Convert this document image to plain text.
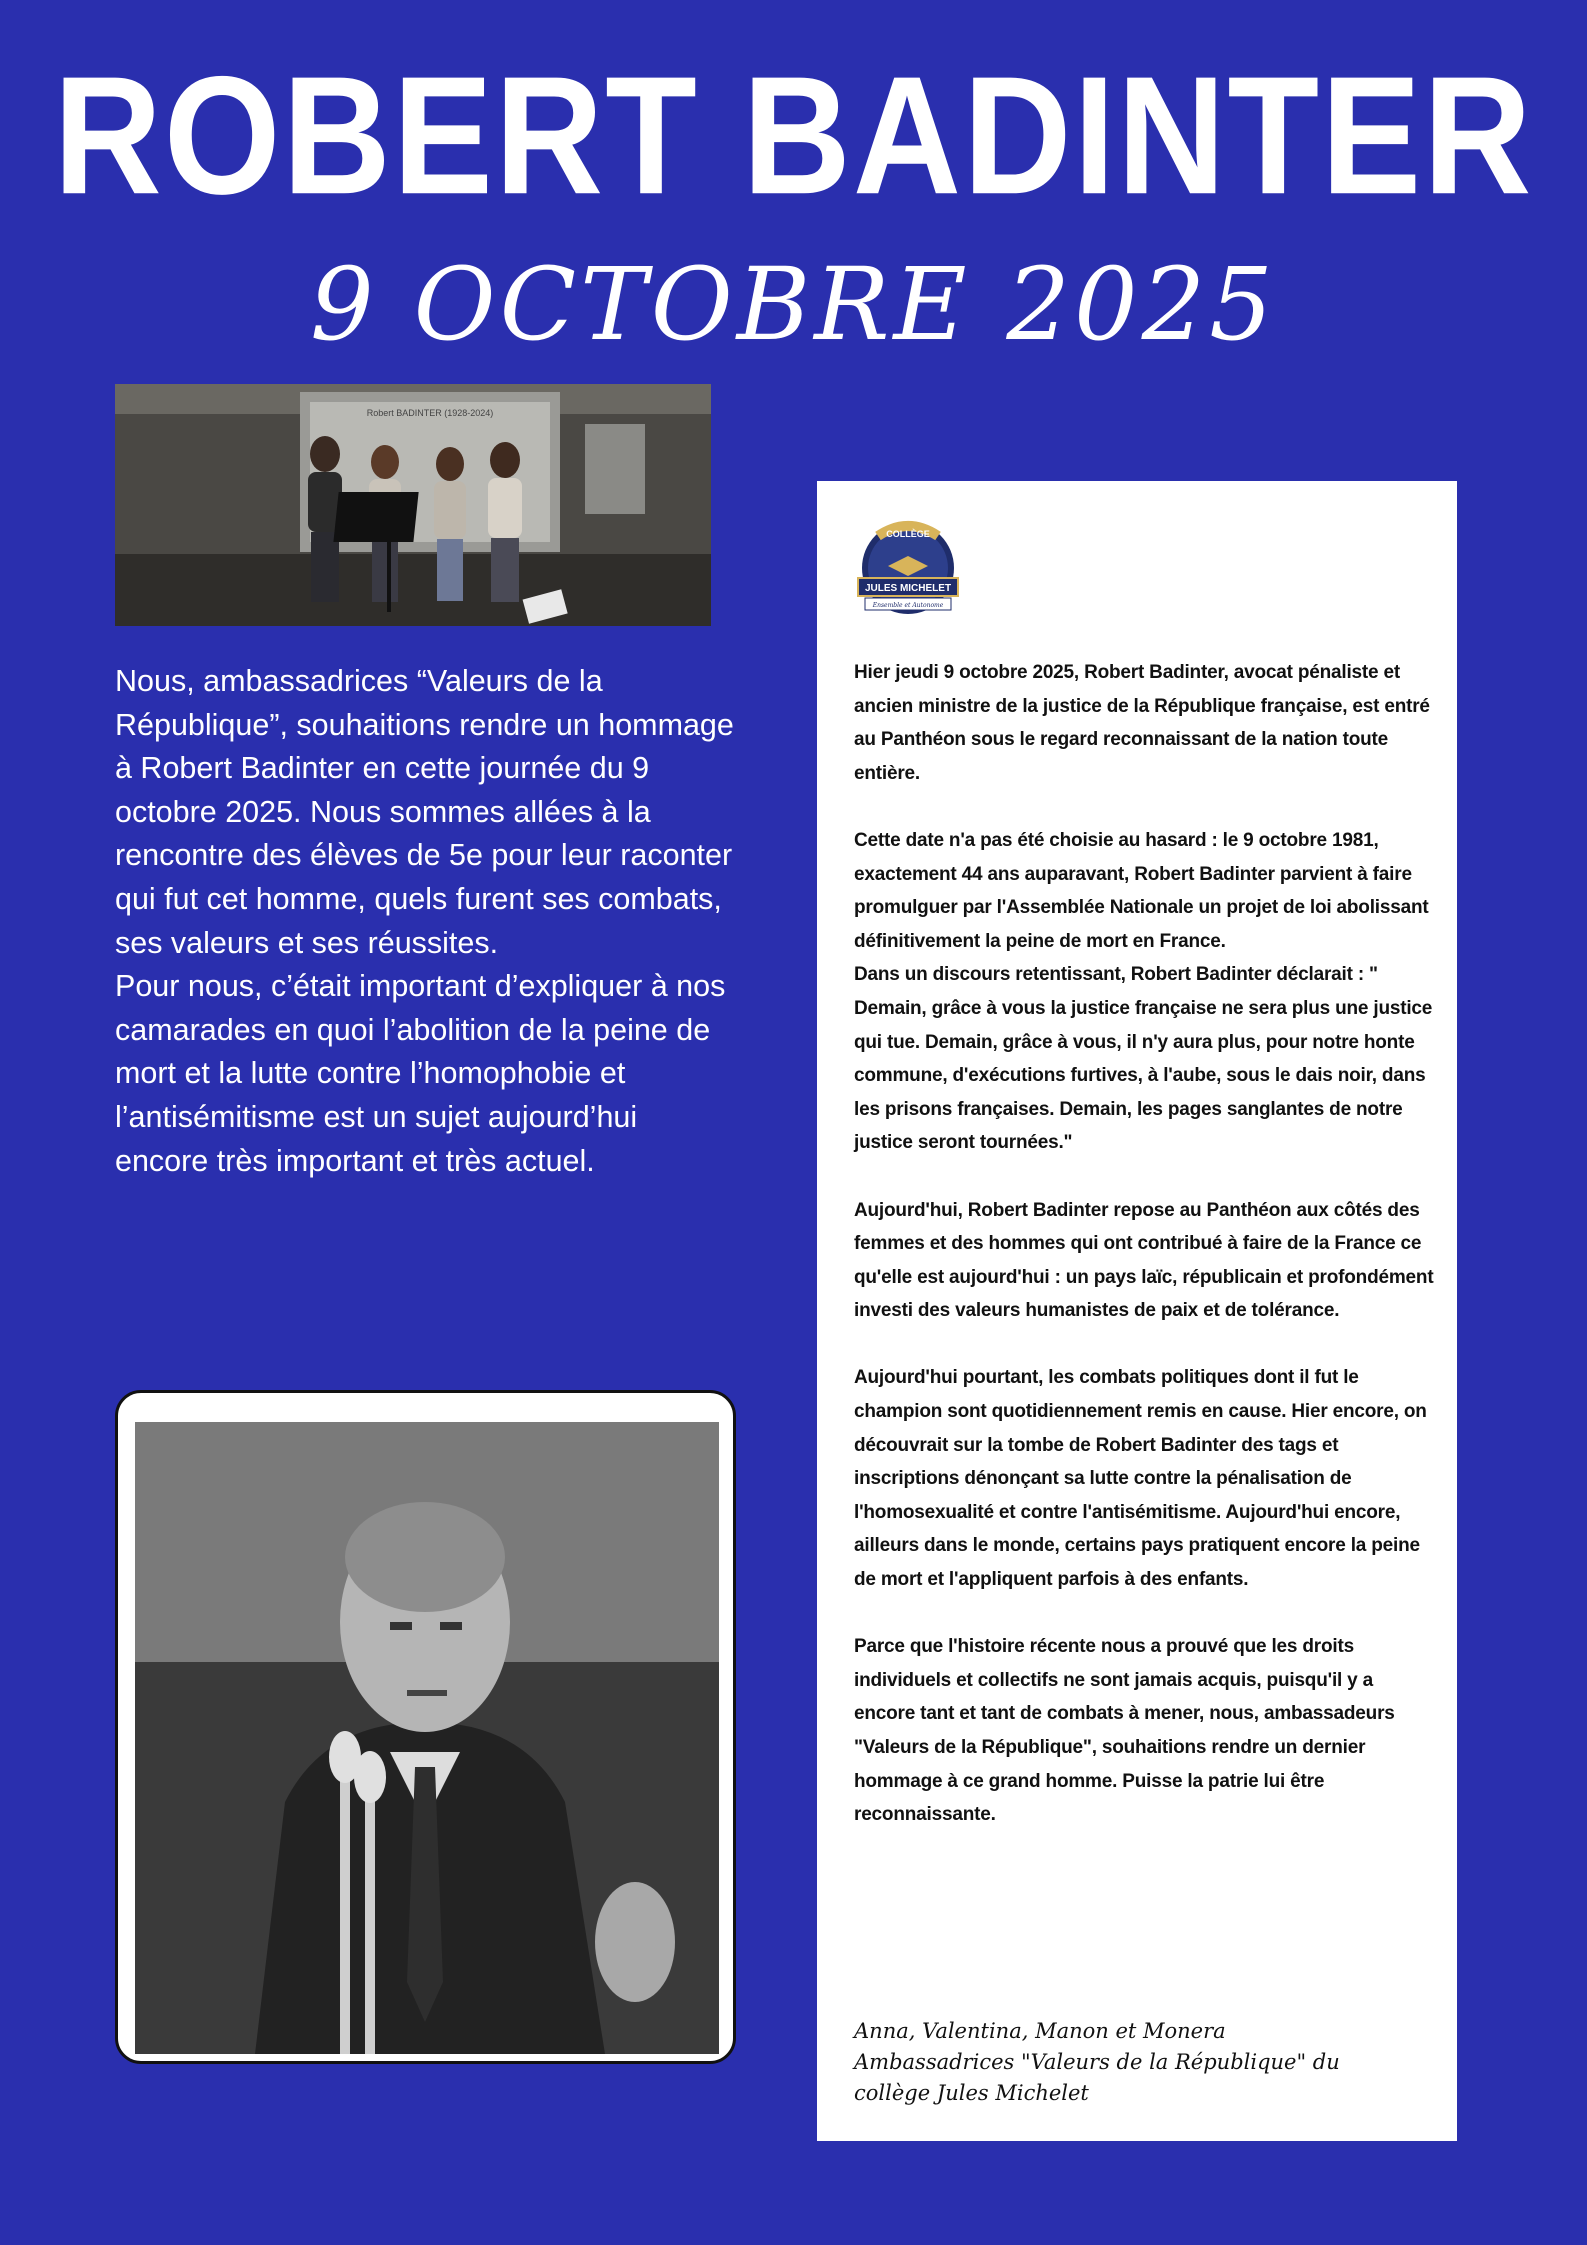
ROBERT BADINTER
9 OCTOBRE 2025
Robert BADINTER (1928-2024)

Nous, ambassadrices “Valeurs de la République”, souhaitions rendre un hommage à Robert Badinter en cette journée du 9 octobre 2025. Nous sommes allées à la rencontre des élèves de 5e pour leur raconter qui fut cet homme, quels furent ses combats, ses valeurs et ses réussites.

Pour nous, c’était important d’expliquer à nos camarades en quoi l’abolition de la peine de mort et la lutte contre l’homophobie et l’antisémitisme est un sujet aujourd’hui encore très important et très actuel.

COLLÈGE
JULES MICHELET
Ensemble et Autonome

Hier jeudi 9 octobre 2025, Robert Badinter, avocat pénaliste et ancien ministre de la justice de la République française, est entré au Panthéon sous le regard reconnaissant de la nation toute entière.

Cette date n'a pas été choisie au hasard : le 9 octobre 1981, exactement 44 ans auparavant, Robert Badinter parvient à faire promulguer par l'Assemblée Nationale un projet de loi abolissant définitivement la peine de mort en France.

Dans un discours retentissant, Robert Badinter déclarait : " Demain, grâce à vous la justice française ne sera plus une justice qui tue. Demain, grâce à vous, il n'y aura plus, pour notre honte commune, d'exécutions furtives, à l'aube, sous le dais noir, dans les prisons françaises. Demain, les pages sanglantes de notre justice seront tournées."

Aujourd'hui, Robert Badinter repose au Panthéon aux côtés des femmes et des hommes qui ont contribué à faire de la France ce qu'elle est aujourd'hui : un pays laïc, républicain et profondément investi des valeurs humanistes de paix et de tolérance.

Aujourd'hui pourtant, les combats politiques dont il fut le champion sont quotidiennement remis en cause. Hier encore, on découvrait sur la tombe de Robert Badinter des tags et inscriptions dénonçant sa lutte contre la pénalisation de l'homosexualité et contre l'antisémitisme. Aujourd'hui encore, ailleurs dans le monde, certains pays pratiquent encore la peine de mort et l'appliquent parfois à des enfants.

Parce que l'histoire récente nous a prouvé que les droits individuels et collectifs ne sont jamais acquis, puisqu'il y a encore tant et tant de combats à mener, nous, ambassadeurs "Valeurs de la République", souhaitions rendre un dernier hommage à ce grand homme. Puisse la patrie lui être reconnaissante.

Anna, Valentina, Manon et Monera
Ambassadrices "Valeurs de la République" du
collège Jules Michelet
